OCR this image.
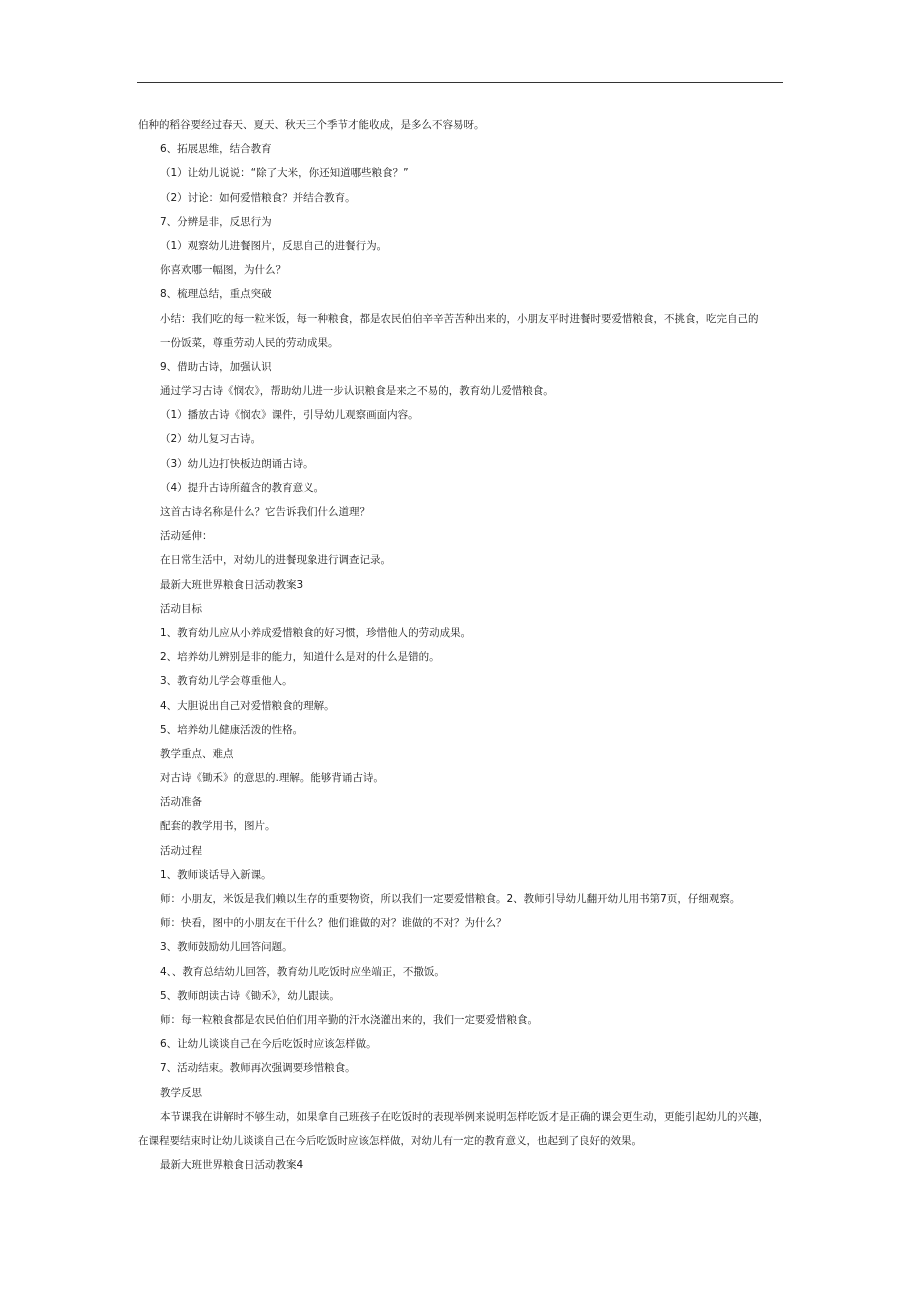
伯种的稻谷要经过春天、夏天、秋天三个季节才能收成，是多么不容易呀。
6、拓展思维，结合教育
（1）让幼儿说说：“除了大米，你还知道哪些粮食？”
（2）讨论：如何爱惜粮食？并结合教育。
7、分辨是非，反思行为
（1）观察幼儿进餐图片，反思自己的进餐行为。
你喜欢哪一幅图，为什么？
8、梳理总结，重点突破
小结：我们吃的每一粒米饭，每一种粮食，都是农民伯伯辛辛苦苦种出来的，小朋友平时进餐时要爱惜粮食，不挑食，吃完自己的
一份饭菜，尊重劳动人民的劳动成果。
9、借助古诗，加强认识
通过学习古诗《悯农》，帮助幼儿进一步认识粮食是来之不易的，教育幼儿爱惜粮食。
（1）播放古诗《悯农》课件，引导幼儿观察画面内容。
（2）幼儿复习古诗。
（3）幼儿边打快板边朗诵古诗。
（4）提升古诗所蕴含的教育意义。
这首古诗名称是什么？它告诉我们什么道理？
活动延伸：
在日常生活中，对幼儿的进餐现象进行调查记录。
最新大班世界粮食日活动教案3
活动目标
1、教育幼儿应从小养成爱惜粮食的好习惯，珍惜他人的劳动成果。
2、培养幼儿辨别是非的能力，知道什么是对的什么是错的。
3、教育幼儿学会尊重他人。
4、大胆说出自己对爱惜粮食的理解。
5、培养幼儿健康活泼的性格。
教学重点、难点
对古诗《锄禾》的意思的.理解。能够背诵古诗。
活动准备
配套的教学用书，图片。
活动过程
1、教师谈话导入新课。
师：小朋友，米饭是我们赖以生存的重要物资，所以我们一定要爱惜粮食。2、教师引导幼儿翻开幼儿用书第7页，仔细观察。
师：快看，图中的小朋友在干什么？他们谁做的对？谁做的不对？为什么？
3、教师鼓励幼儿回答问题。
4、、教育总结幼儿回答，教育幼儿吃饭时应坐端正，不撒饭。
5、教师朗读古诗《锄禾》，幼儿跟读。
师：每一粒粮食都是农民伯伯们用辛勤的汗水浇灌出来的，我们一定要爱惜粮食。
6、让幼儿谈谈自己在今后吃饭时应该怎样做。
7、活动结束。教师再次强调要珍惜粮食。
教学反思
本节课我在讲解时不够生动，如果拿自己班孩子在吃饭时的表现举例来说明怎样吃饭才是正确的课会更生动，更能引起幼儿的兴趣，
在课程要结束时让幼儿谈谈自己在今后吃饭时应该怎样做，对幼儿有一定的教育意义，也起到了良好的效果。
最新大班世界粮食日活动教案4
